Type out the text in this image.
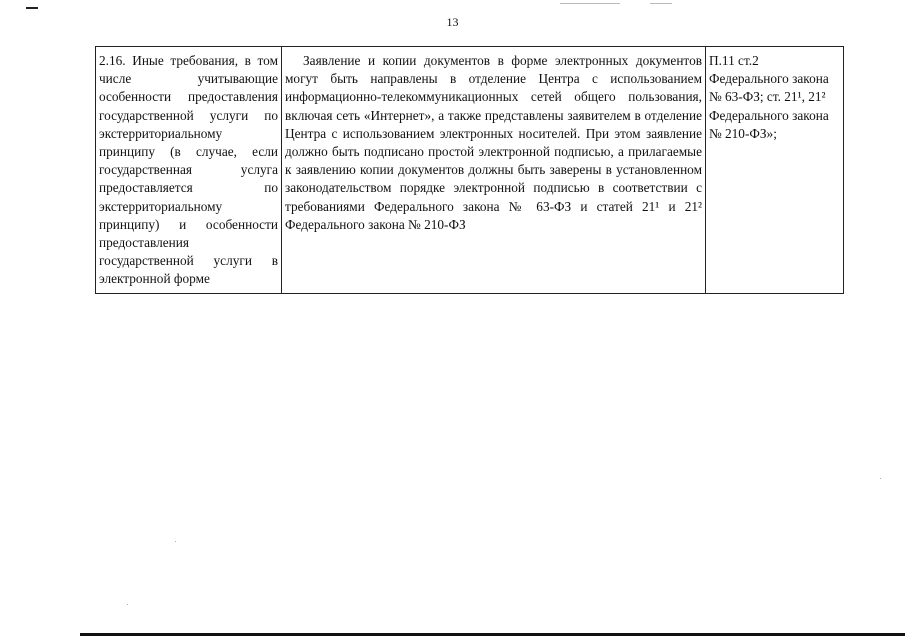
13
2.16. Иные требования, в том числе учитывающие особенности предоставления государственной услуги по экстерриториальному принципу (в случае, если государственная услуга предоставляется по экстерриториальному принципу) и особенности предоставления государственной услуги в электронной форме	Заявление и копии документов в форме электронных документов могут быть направлены в отделение Центра с использованием информационно-телекоммуникационных сетей общего пользования, включая сеть «Интернет», а также представлены заявителем в отделение Центра с использованием электронных носителей. При этом заявление должно быть подписано простой электронной подписью, а прилагаемые к заявлению копии документов должны быть заверены в установленном законодательством порядке электронной подписью в соответствии с требованиями Федерального закона № 63-ФЗ и статей 21¹ и 21² Федерального закона № 210-ФЗ	П.11 ст.2 Федерального закона № 63-ФЗ; ст. 21¹, 21² Федерального закона № 210-ФЗ»;
